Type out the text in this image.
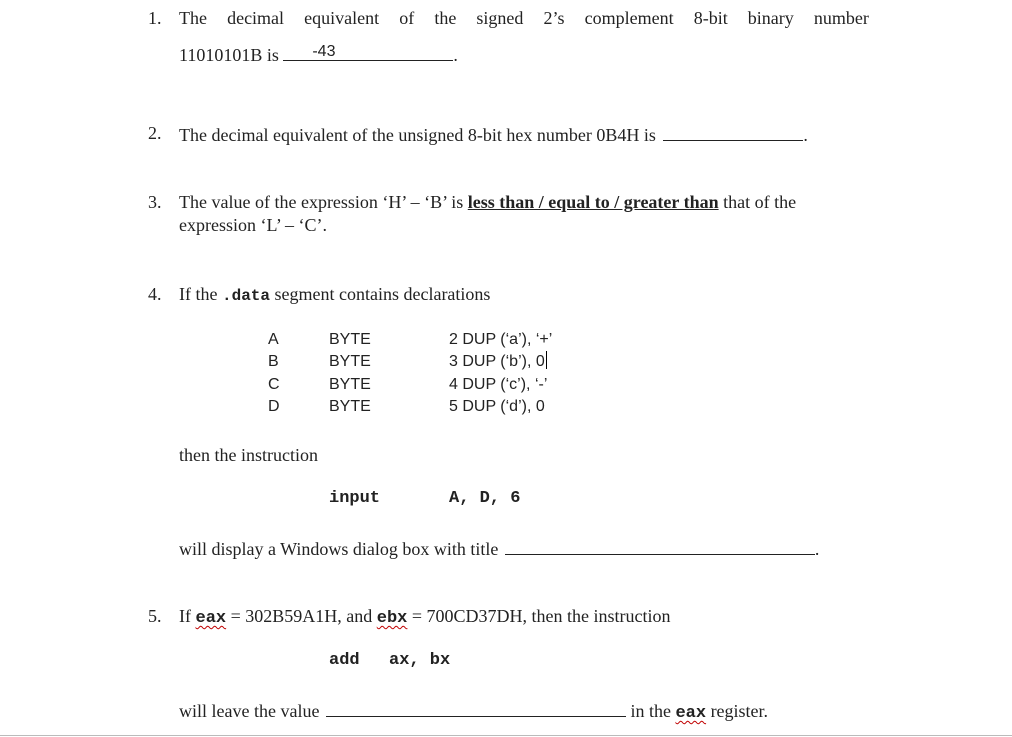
1. The decimal equivalent of the signed 2’s complement 8-bit binary number
11010101B is -43	.
2. The decimal equivalent of the unsigned 8-bit hex number 0B4H is	.
3. The value of the expression ‘H’ – ‘B’ is less than / equal to / greater than that of the
expression ‘L’ – ‘C’.
4. If the .data segment contains declarations
A	BYTE	2 DUP (‘a’), ‘+’
B	BYTE	3 DUP (‘b’), 0
C	BYTE	4 DUP (‘c’), ‘-’
D	BYTE	5 DUP (‘d’), 0
then the instruction
input	A, D, 6
will display a Windows dialog box with title	.
5. If eax = 302B59A1H, and ebx = 700CD37DH, then the instruction
add ax, bx
will leave the value	in the eax register.
